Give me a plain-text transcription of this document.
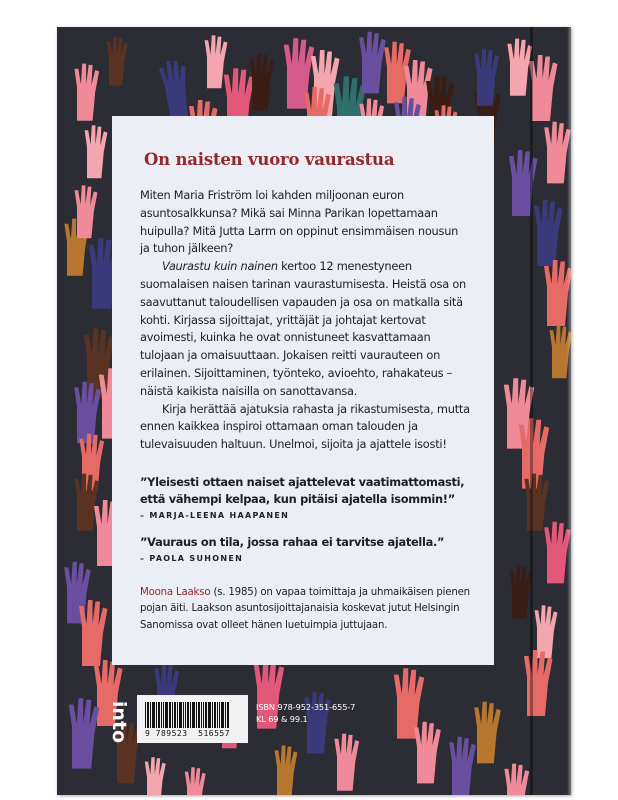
On naisten vuoro vaurastua

Miten Maria Friström loi kahden miljoonan euron asuntosalkkunsa? Mikä sai Minna Parikan lopettamaan huipulla? Mitä Jutta Larm on oppinut ensimmäisen nousun ja tuhon jälkeen?

Vaurastu kuin nainen kertoo 12 menestyneen suomalaisen naisen tarinan vaurastumisesta. Heistä osa on saavuttanut taloudellisen vapauden ja osa on matkalla sitä kohti. Kirjassa sijoittajat, yrittäjät ja johtajat kertovat avoimesti, kuinka he ovat onnistuneet kasvattamaan tulojaan ja omaisuuttaan. Jokaisen reitti vaurauteen on erilainen. Sijoittaminen, työnteko, avioehto, rahakateus – näistä kaikista naisilla on sanottavansa.

Kirja herättää ajatuksia rahasta ja rikastumisesta, mutta ennen kaikkea inspiroi ottamaan oman talouden ja tulevaisuuden haltuun. Unelmoi, sijoita ja ajattele isosti!

”Yleisesti ottaen naiset ajattelevat vaatimattomasti, että vähempi kelpaa, kun pitäisi ajatella isommin!”
– MARJA-LEENA HAAPANEN
”Vauraus on tila, jossa rahaa ei tarvitse ajatella.”
– PAOLA SUHONEN
Moona Laakso (s. 1985) on vapaa toimittaja ja uhmaikäisen pienen pojan äiti. Laakson asuntosijoittajanaisia koskevat jutut Helsingin Sanomissa ovat olleet hänen luetuimpia juttujaan.
into	9 789523  516557
ISBN 978-952-351-655-7
KL 69 & 99.1
